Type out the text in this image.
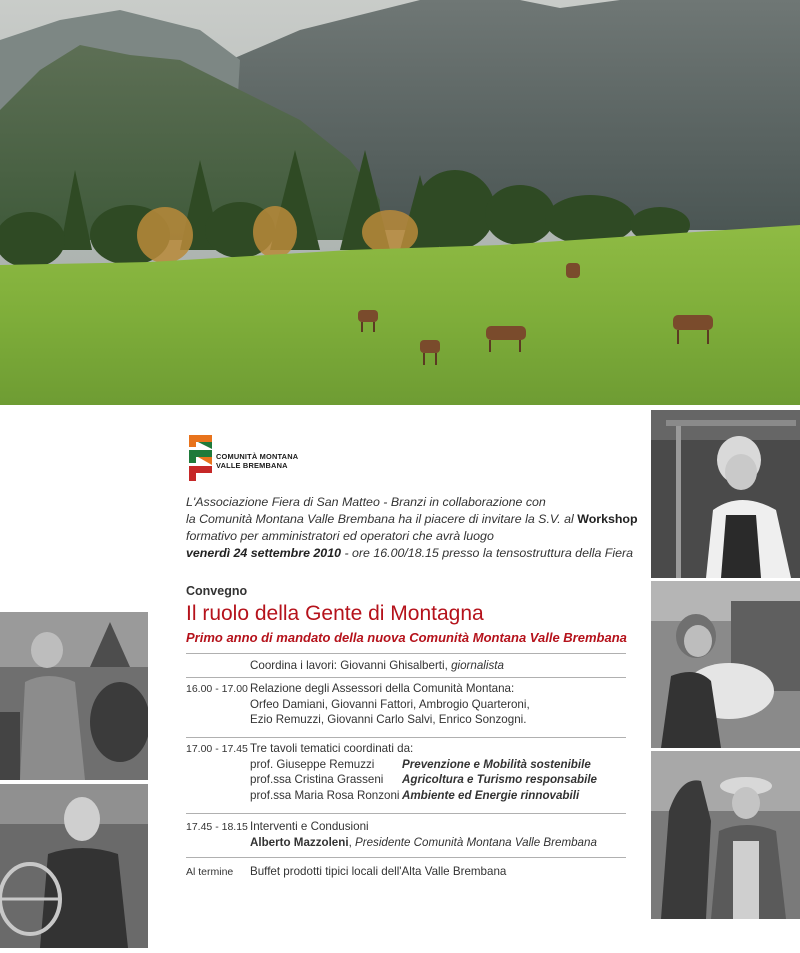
COMUNITÀ MONTANA
VALLE BREMBANA
L'Associazione Fiera di San Matteo - Branzi in collaborazione con
la Comunità Montana Valle Brembana ha il piacere di invitare la S.V. al Workshop
formativo per amministratori ed operatori che avrà luogo
venerdì 24 settembre 2010 - ore 16.00/18.15 presso la tensostruttura della Fiera
Convegno
Il ruolo della Gente di Montagna
Primo anno di mandato della nuova Comunità Montana Valle Brembana
Coordina i lavori: Giovanni Ghisalberti, giornalista
16.00 - 17.00 Relazione degli Assessori della Comunità Montana:
Orfeo Damiani, Giovanni Fattori, Ambrogio Quarteroni,
Ezio Remuzzi, Giovanni Carlo Salvi, Enrico Sonzogni.
17.00 - 17.45 Tre tavoli tematici coordinati da:
prof. Giuseppe Remuzzi Prevenzione e Mobilità sostenibile
prof.ssa Cristina Grasseni Agricoltura e Turismo responsabile
prof.ssa Maria Rosa Ronzoni Ambiente ed Energie rinnovabili
17.45 - 18.15 Interventi e Condusioni
Alberto Mazzoleni, Presidente Comunità Montana Valle Brembana
Al termine Buffet prodotti tipici locali dell'Alta Valle Brembana
